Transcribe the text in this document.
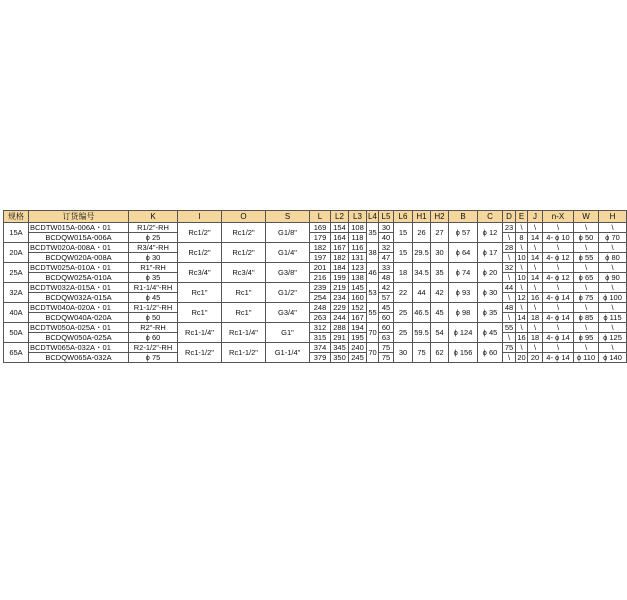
规格	订货编号	K	I	O	S	L	L2	L3	L4	L5	L6	H1	H2	B	C	D	E	J	n-X	W	H
15A	BCDTW015A-006A・01	R1/2"-RH	Rc1/2"	Rc1/2"	G1/8"	169	154	108	35	30	15	26	27	ϕ 57	ϕ 12	23	\	\	\	\	\
	BCDQW015A-006A	ϕ 25				179	164	118		40						\	8	14	4- ϕ 10	ϕ 50	ϕ 70
20A	BCDTW020A-008A・01	R3/4"-RH	Rc1/2"	Rc1/2"	G1/4"	182	167	116	38	32	15	29.5	30	ϕ 64	ϕ 17	28	\	\	\	\	\
	BCDQW020A-008A	ϕ 30				197	182	131		47						\	10	14	4- ϕ 12	ϕ 55	ϕ 80
25A	BCDTW025A-010A・01	R1"-RH	Rc3/4"	Rc3/4"	G3/8"	201	184	123	46	33	18	34.5	35	ϕ 74	ϕ 20	32	\	\	\	\	\
	BCDQW025A-010A	ϕ 35				216	199	138		48						\	10	14	4- ϕ 12	ϕ 65	ϕ 90
32A	BCDTW032A-015A・01	R1-1/4"-RH	Rc1"	Rc1"	G1/2"	239	219	145	53	42	22	44	42	ϕ 93	ϕ 30	44	\	\	\	\	\
	BCDQW032A-015A	ϕ 45				254	234	160		57						\	12	16	4- ϕ 14	ϕ 75	ϕ 100
40A	BCDTW040A-020A・01	R1-1/2"-RH	Rc1"	Rc1"	G3/4"	248	229	152	55	45	25	46.5	45	ϕ 98	ϕ 35	48	\	\	\	\	\
	BCDQW040A-020A	ϕ 50				263	244	167		60						\	14	18	4- ϕ 14	ϕ 85	ϕ 115
50A	BCDTW050A-025A・01	R2"-RH	Rc1-1/4"	Rc1-1/4"	G1"	312	288	194	70	60	25	59.5	54	ϕ 124	ϕ 45	55	\	\	\	\	\
	BCDQW050A-025A	ϕ 60				315	291	195		63						\	16	18	4- ϕ 14	ϕ 95	ϕ 125
65A	BCDTW065A-032A・01	R2-1/2"-RH	Rc1-1/2"	Rc1-1/2"	G1-1/4"	374	345	240	70	75	30	75	62	ϕ 156	ϕ 60	75	\	\	\	\	\
	BCDQW065A-032A	ϕ 75				379	350	245		75						\	20	20	4- ϕ 14	ϕ 110	ϕ 140
